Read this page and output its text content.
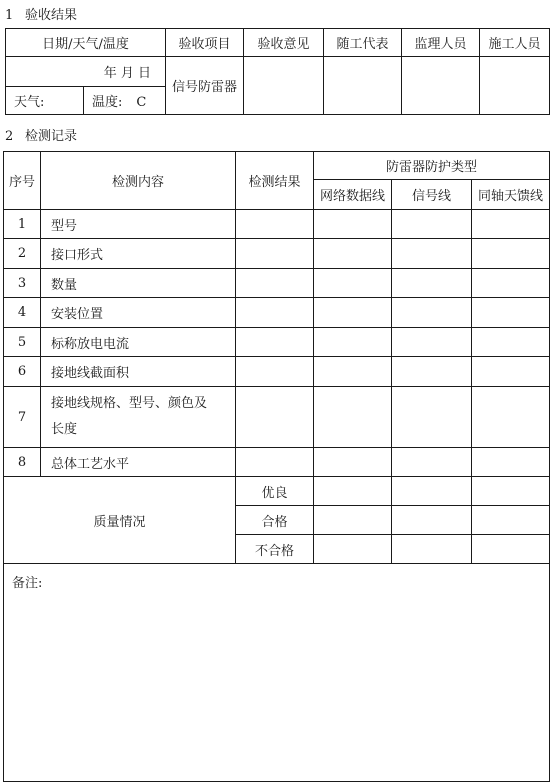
1 验收结果
日期/天气/温度		验收项目	验收意见	随工代表	监理人员	施工人员
年 月 日		信号防雷器				
天气:	温度: C					
2 检测记录
序号	检测内容	检测结果	防雷器防护类型		
			网络数据线	信号线	同轴天馈线
1	型号				
2	接口形式				
3	数量				
4	安装位置				
5	标称放电电流				
6	接地线截面积				
7	接地线规格、型号、颜色及
长度				
8	总体工艺水平				
质量情况		优良			
		合格			
		不合格			
备注:					
